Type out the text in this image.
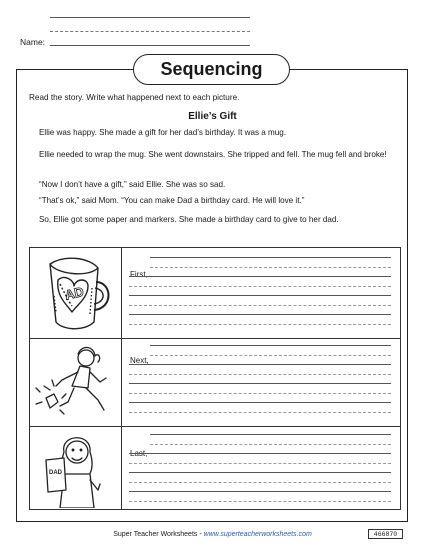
Name:
Sequencing
Read the story. Write what happened next to each picture.
Ellie’s Gift
Ellie was happy. She made a gift for her dad’s birthday. It was a mug.
Ellie needed to wrap the mug. She went downstairs. She tripped and fell. The mug fell and broke!
“Now I don’t have a gift,” said Ellie. She was so sad.
“That’s ok,” said Mom. “You can make Dad a birthday card. He will love it.”
So, Ellie got some paper and markers. She made a birthday card to give to her dad.
First,
Next,
Last,
AD
DAD
Super Teacher Worksheets - www.superteacherworksheets.com	466870
